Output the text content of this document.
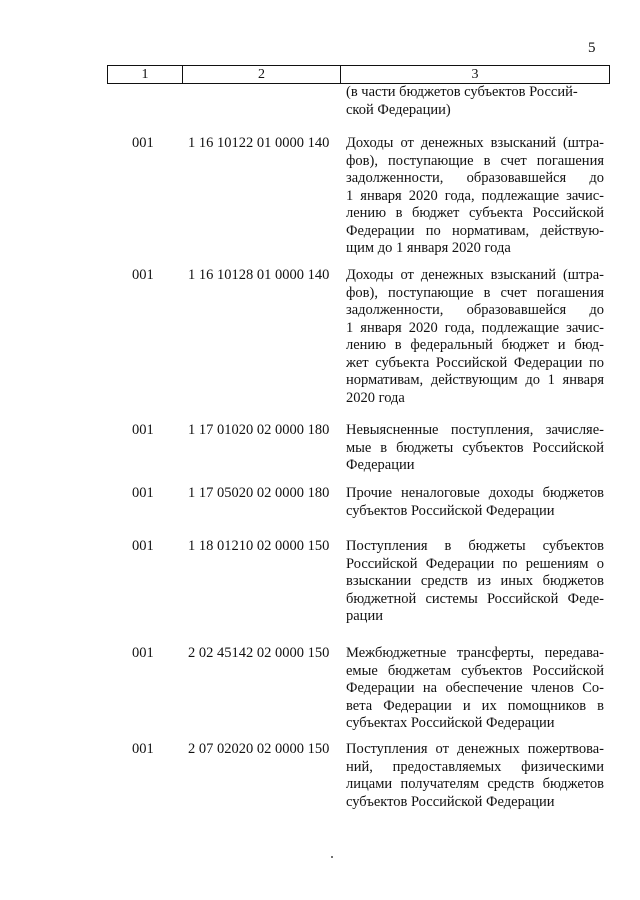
5
1	2	3
(в части бюджетов субъектов Россий-
ской Федерации)
001 1 16 10122 01 0000 140 Доходы от денежных взысканий (штра-
фов), поступающие в счет погашения
задолженности, образовавшейся до
1 января 2020 года, подлежащие зачис-
лению в бюджет субъекта Российской
Федерации по нормативам, действую-
щим до 1 января 2020 года
001 1 16 10128 01 0000 140 Доходы от денежных взысканий (штра-
фов), поступающие в счет погашения
задолженности, образовавшейся до
1 января 2020 года, подлежащие зачис-
лению в федеральный бюджет и бюд-
жет субъекта Российской Федерации по
нормативам, действующим до 1 января
2020 года
001 1 17 01020 02 0000 180 Невыясненные поступления, зачисляе-
мые в бюджеты субъектов Российской
Федерации
001 1 17 05020 02 0000 180 Прочие неналоговые доходы бюджетов
субъектов Российской Федерации
001 1 18 01210 02 0000 150 Поступления в бюджеты субъектов
Российской Федерации по решениям о
взыскании средств из иных бюджетов
бюджетной системы Российской Феде-
рации
001 2 02 45142 02 0000 150 Межбюджетные трансферты, передава-
емые бюджетам субъектов Российской
Федерации на обеспечение членов Со-
вета Федерации и их помощников в
субъектах Российской Федерации
001 2 07 02020 02 0000 150 Поступления от денежных пожертвова-
ний, предоставляемых физическими
лицами получателям средств бюджетов
субъектов Российской Федерации
